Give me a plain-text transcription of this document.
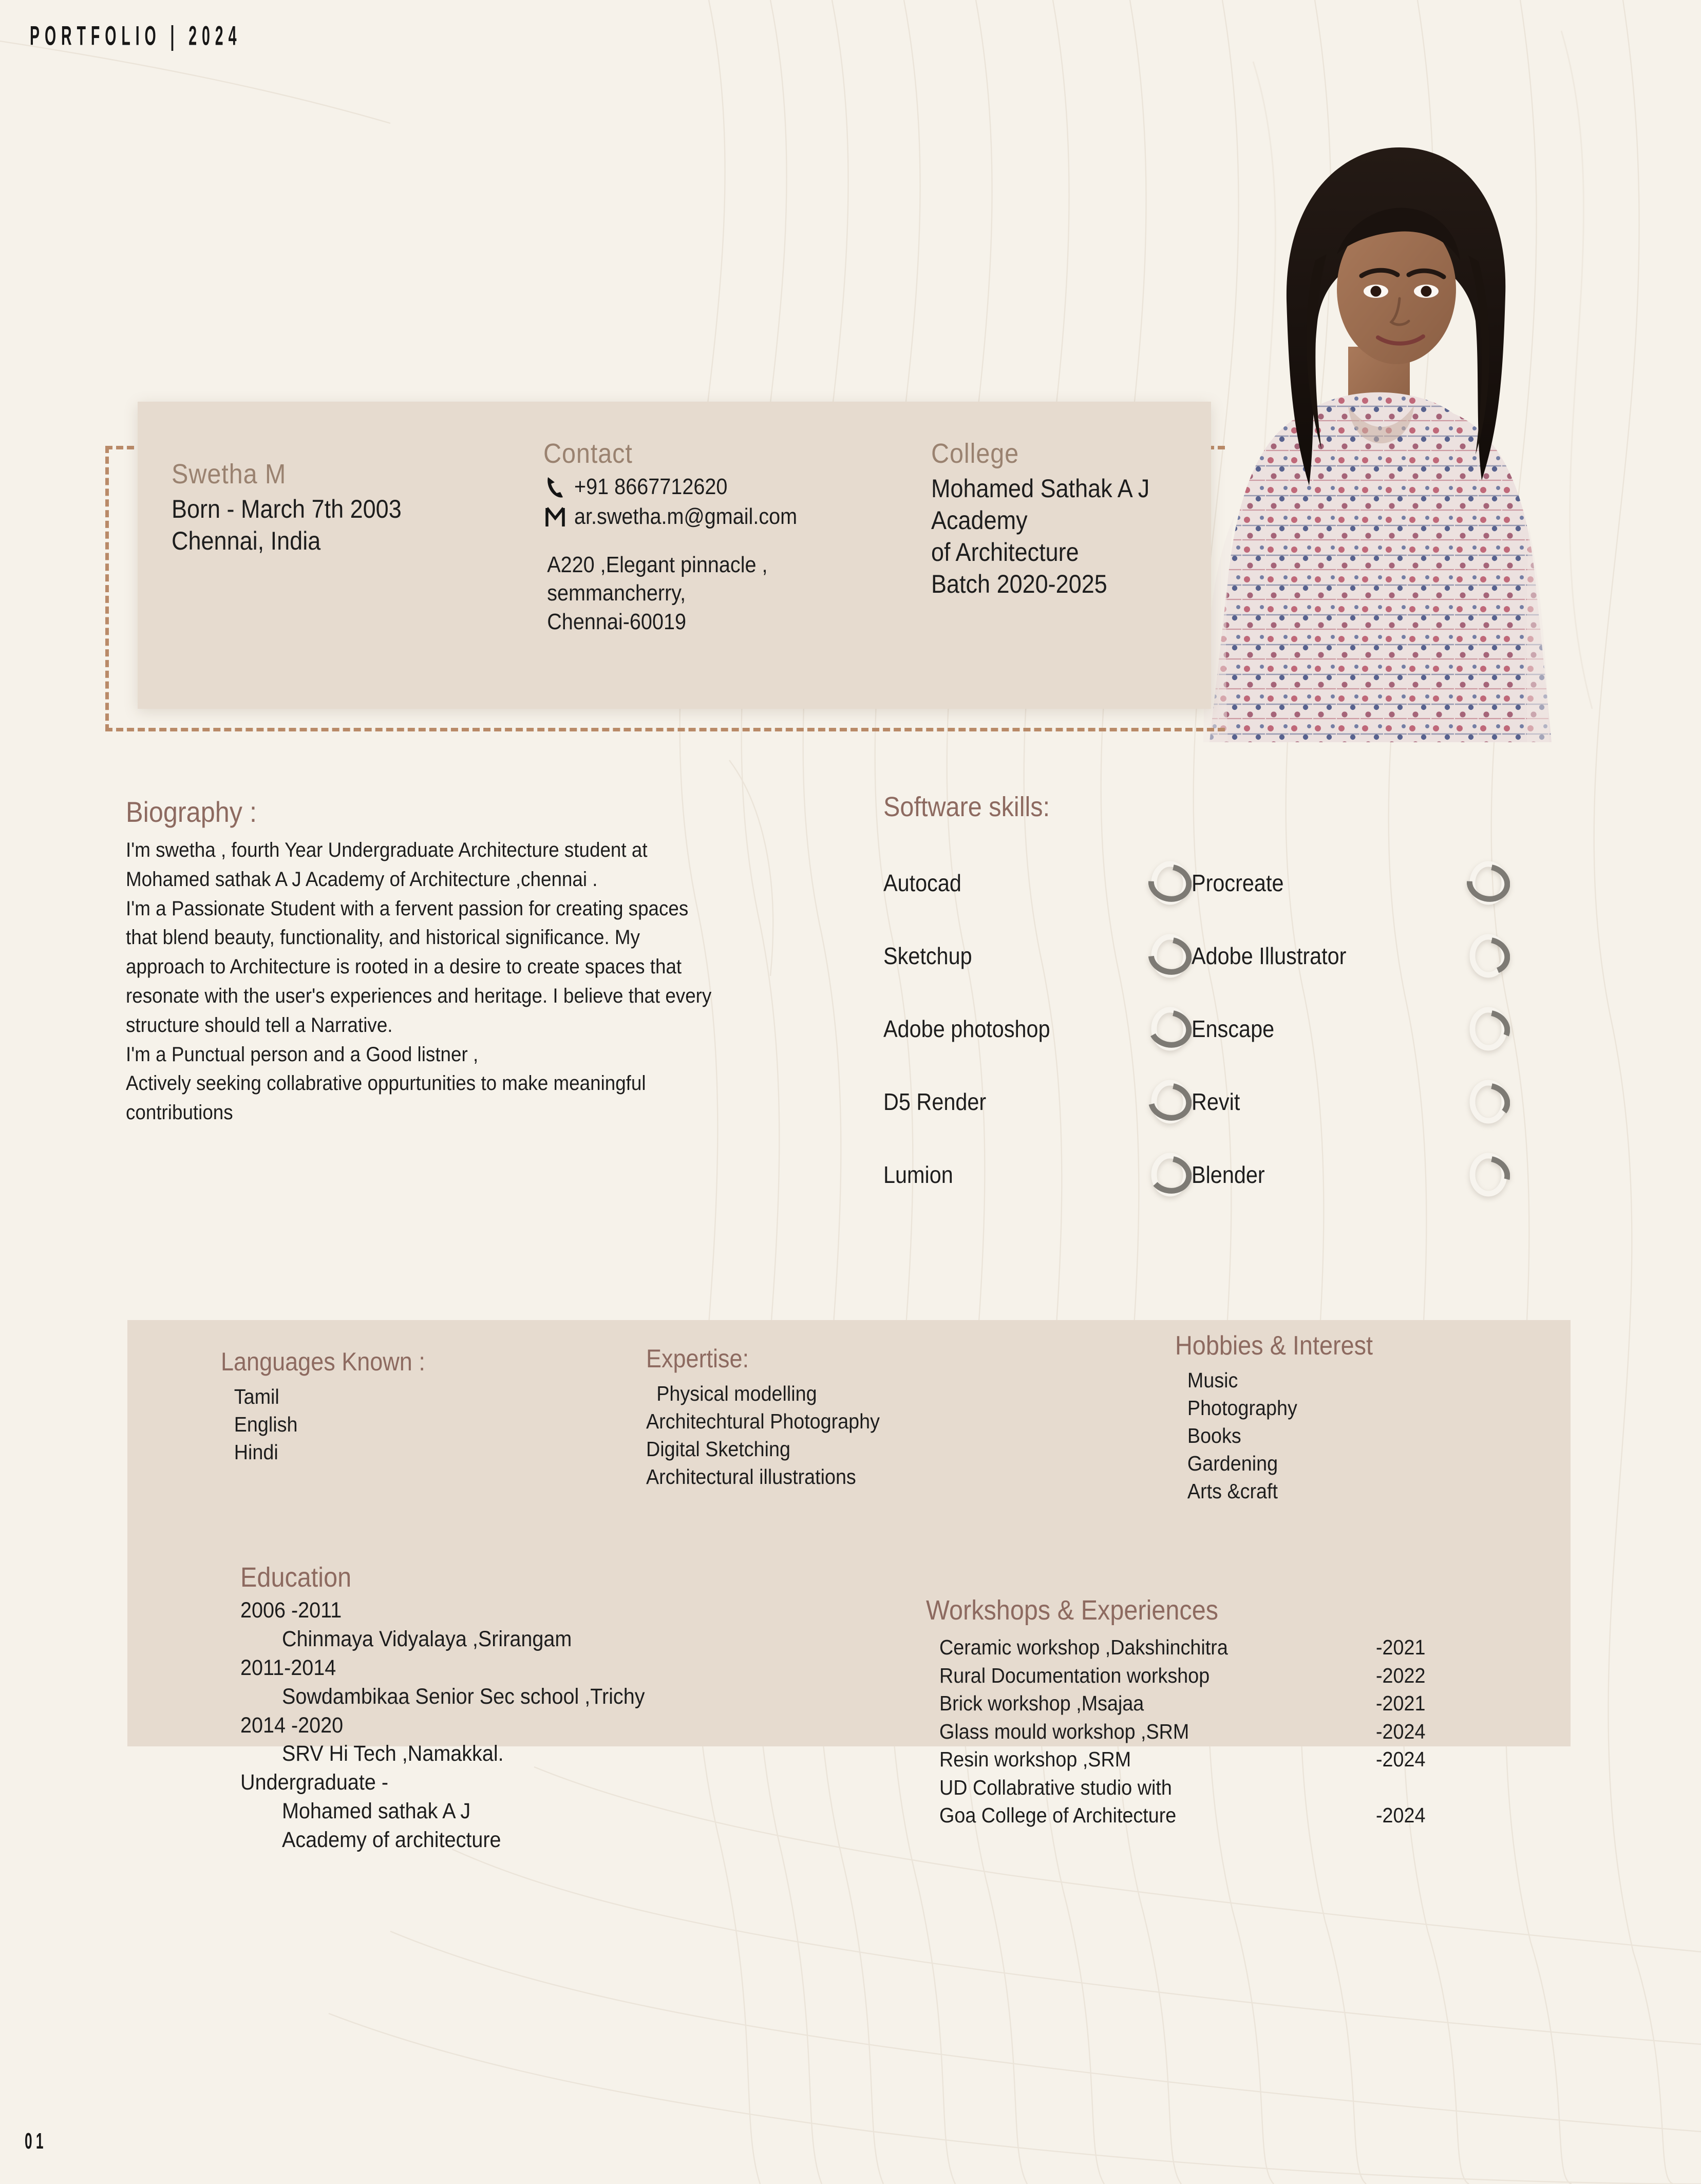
PORTFOLIO | 2024
Swetha M
Born - March 7th 2003
Chennai, India
Contact
+91 8667712620
ar.swetha.m@gmail.com
A220 ,Elegant pinnacle ,
semmancherry,
Chennai-60019
College
Mohamed Sathak A J
Academy
of Architecture
Batch 2020-2025
Biography :

I'm swetha , fourth Year Undergraduate Architecture student at Mohamed sathak A J Academy of Architecture ,chennai .

I'm a Passionate Student with a fervent passion for creating spaces that blend beauty, functionality, and historical significance. My approach to Architecture is rooted in a desire to create spaces that resonate with the user's experiences and heritage. I believe that every structure should tell a Narrative.

I'm a Punctual person and a Good listner ,

Actively seeking collabrative oppurtunities to make meaningful contributions

Software skills:
Autocad	Procreate
Sketchup	Adobe Illustrator
Adobe photoshop	Enscape
D5 Render	Revit
Lumion	Blender
Languages Known :
Tamil
English
Hindi
Expertise:
Physical modelling
Architechtural Photography
Digital Sketching
Architectural illustrations
Hobbies & Interest
Music
Photography
Books
Gardening
Arts &craft
Education
2006 -2011
Chinmaya Vidyalaya ,Srirangam
2011-2014
Sowdambikaa Senior Sec school ,Trichy
2014 -2020
SRV Hi Tech ,Namakkal.
Undergraduate -
Mohamed sathak A J
Academy of architecture
Workshops & Experiences
Ceramic workshop ,Dakshinchitra	-2021
Rural Documentation workshop	-2022
Brick workshop ,Msajaa	-2021
Glass mould workshop ,SRM	-2024
Resin workshop ,SRM	-2024
UD Collabrative studio with
Goa College of Architecture	-2024
01
